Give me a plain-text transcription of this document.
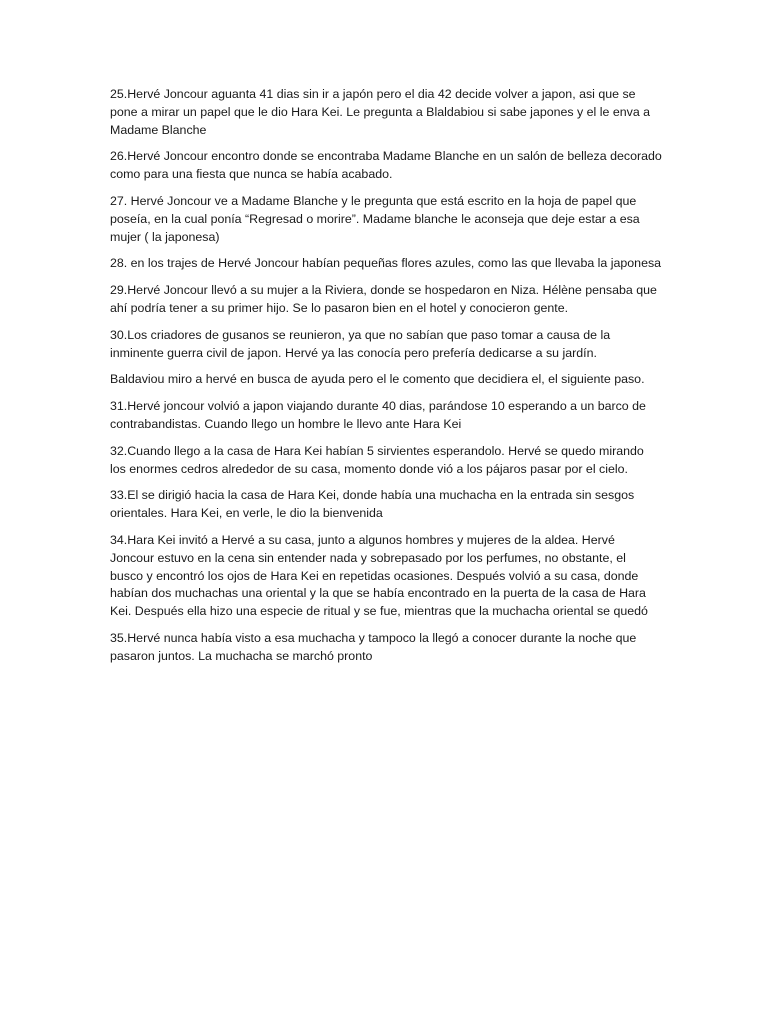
25.Hervé Joncour aguanta 41 dias sin ir a japón pero el dia 42 decide volver a japon, asi que se pone a mirar un papel que le dio Hara Kei. Le pregunta a Blaldabiou si sabe japones y el le enva a Madame Blanche

26.Hervé Joncour encontro donde se encontraba Madame Blanche en un salón de belleza decorado como para una fiesta que nunca se había acabado.

27. Hervé Joncour ve a Madame Blanche y le pregunta que está escrito en la hoja de papel que poseía, en la cual ponía “Regresad o morire”. Madame blanche le aconseja que deje estar a esa mujer ( la japonesa)

28. en los trajes de Hervé Joncour habían pequeñas flores azules, como las que llevaba la japonesa

29.Hervé Joncour llevó a su mujer a la Riviera, donde se hospedaron en Niza. Hélène pensaba que ahí podría tener a su primer hijo. Se lo pasaron bien en el hotel y conocieron gente.

30.Los criadores de gusanos se reunieron, ya que no sabían que paso tomar a causa de la inminente guerra civil de japon. Hervé ya las conocía pero prefería dedicarse a su jardín.

Baldaviou miro a hervé en busca de ayuda pero el le comento que decidiera el, el siguiente paso.

31.Hervé joncour volvió a japon viajando durante 40 dias, parándose 10 esperando a un barco de contrabandistas. Cuando llego un hombre le llevo ante Hara Kei

32.Cuando llego a la casa de Hara Kei habían 5 sirvientes esperandolo. Hervé se quedo mirando los enormes cedros alrededor de su casa, momento donde vió a los pájaros pasar por el cielo.

33.El se dirigió hacia la casa de Hara Kei, donde había una muchacha en la entrada sin sesgos orientales. Hara Kei, en verle, le dio la bienvenida

34.Hara Kei invitó a Hervé a su casa, junto a algunos hombres y mujeres de la aldea. Hervé Joncour estuvo en la cena sin entender nada y sobrepasado por los perfumes, no obstante, el busco y encontró los ojos de Hara Kei en repetidas ocasiones. Después volvió a su casa, donde habían dos muchachas una oriental y la que se había encontrado en la puerta de la casa de Hara Kei. Después ella hizo una especie de ritual y se fue, mientras que la muchacha oriental se quedó

35.Hervé nunca había visto a esa muchacha y tampoco la llegó a conocer durante la noche que pasaron juntos. La muchacha se marchó pronto
